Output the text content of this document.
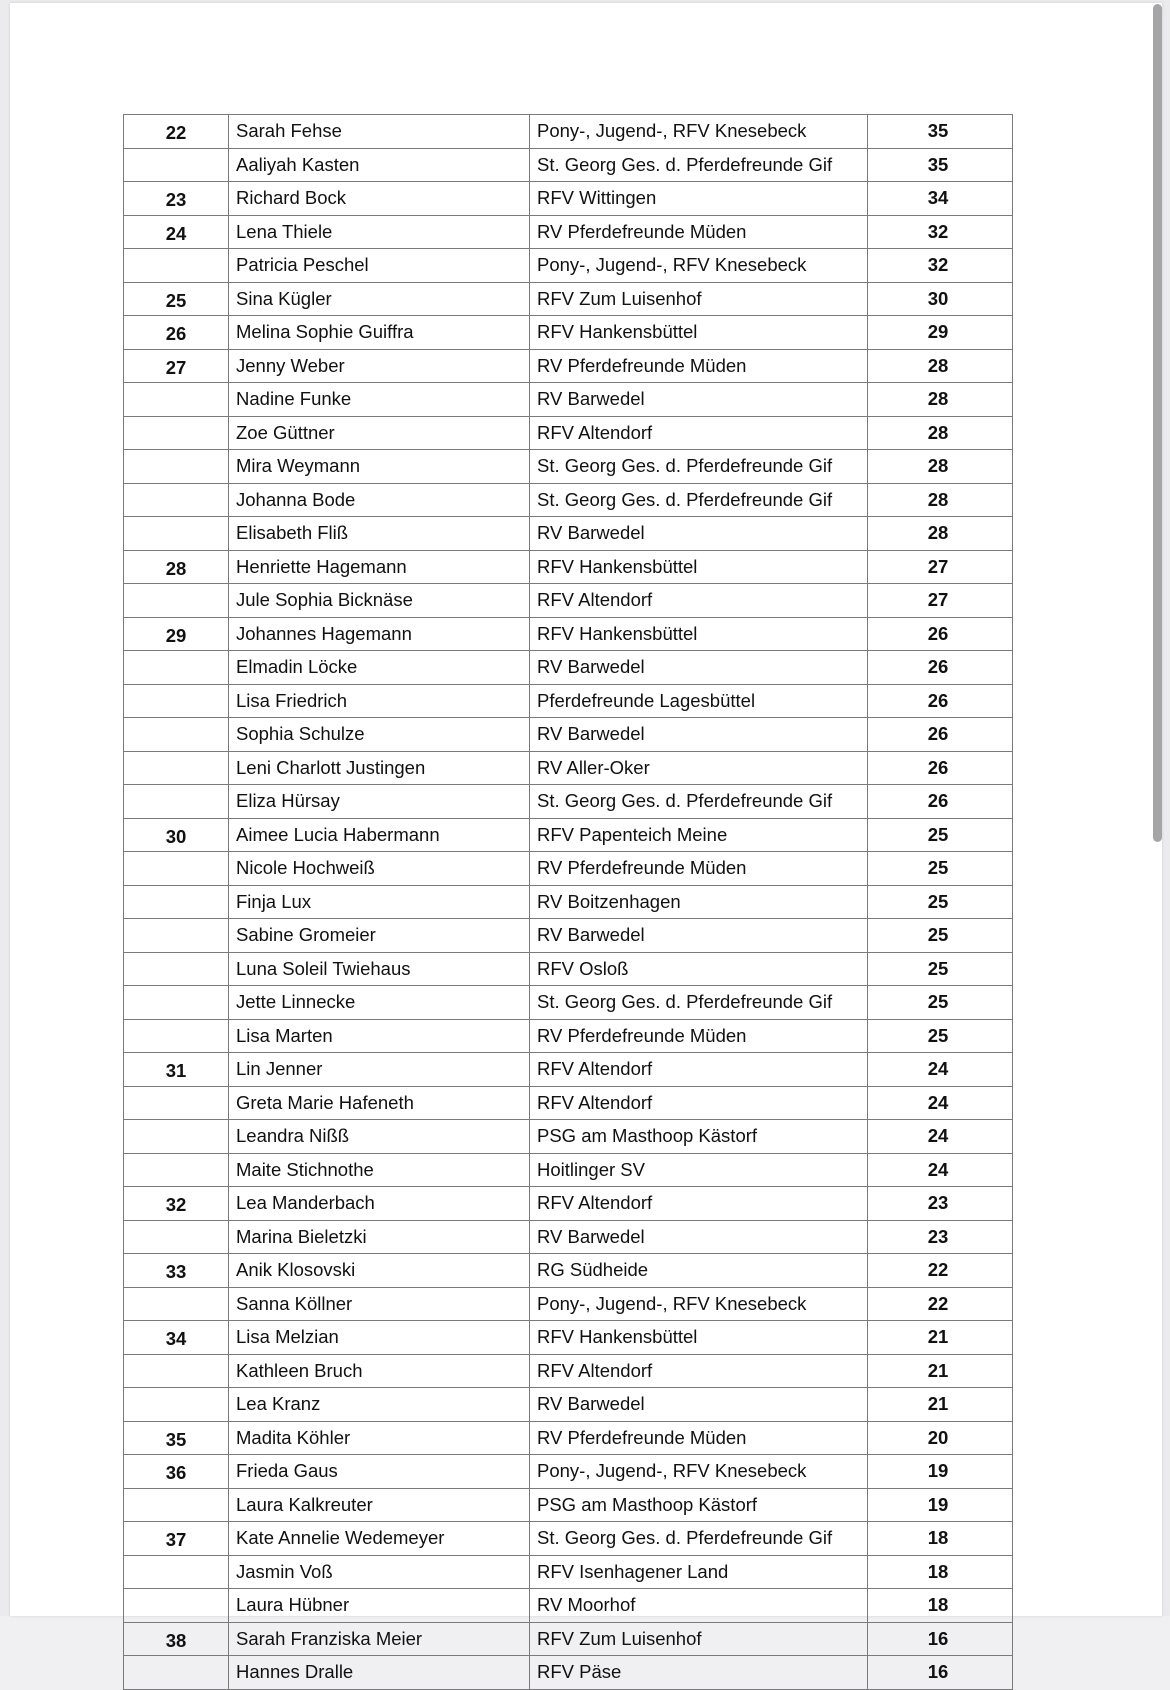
22	Sarah Fehse	Pony-, Jugend-, RFV Knesebeck	35
	Aaliyah Kasten	St. Georg Ges. d. Pferdefreunde Gif	35
23	Richard Bock	RFV Wittingen	34
24	Lena Thiele	RV Pferdefreunde Müden	32
	Patricia Peschel	Pony-, Jugend-, RFV Knesebeck	32
25	Sina Kügler	RFV Zum Luisenhof	30
26	Melina Sophie Guiffra	RFV Hankensbüttel	29
27	Jenny Weber	RV Pferdefreunde Müden	28
	Nadine Funke	RV Barwedel	28
	Zoe Güttner	RFV Altendorf	28
	Mira Weymann	St. Georg Ges. d. Pferdefreunde Gif	28
	Johanna Bode	St. Georg Ges. d. Pferdefreunde Gif	28
	Elisabeth Fliß	RV Barwedel	28
28	Henriette Hagemann	RFV Hankensbüttel	27
	Jule Sophia Bicknäse	RFV Altendorf	27
29	Johannes Hagemann	RFV Hankensbüttel	26
	Elmadin Löcke	RV Barwedel	26
	Lisa Friedrich	Pferdefreunde Lagesbüttel	26
	Sophia Schulze	RV Barwedel	26
	Leni Charlott Justingen	RV Aller-Oker	26
	Eliza Hürsay	St. Georg Ges. d. Pferdefreunde Gif	26
30	Aimee Lucia Habermann	RFV Papenteich Meine	25
	Nicole Hochweiß	RV Pferdefreunde Müden	25
	Finja Lux	RV Boitzenhagen	25
	Sabine Gromeier	RV Barwedel	25
	Luna Soleil Twiehaus	RFV Osloß	25
	Jette Linnecke	St. Georg Ges. d. Pferdefreunde Gif	25
	Lisa Marten	RV Pferdefreunde Müden	25
31	Lin Jenner	RFV Altendorf	24
	Greta Marie Hafeneth	RFV Altendorf	24
	Leandra Nißß	PSG am Masthoop Kästorf	24
	Maite Stichnothe	Hoitlinger SV	24
32	Lea Manderbach	RFV Altendorf	23
	Marina Bieletzki	RV Barwedel	23
33	Anik Klosovski	RG Südheide	22
	Sanna Köllner	Pony-, Jugend-, RFV Knesebeck	22
34	Lisa Melzian	RFV Hankensbüttel	21
	Kathleen Bruch	RFV Altendorf	21
	Lea Kranz	RV Barwedel	21
35	Madita Köhler	RV Pferdefreunde Müden	20
36	Frieda Gaus	Pony-, Jugend-, RFV Knesebeck	19
	Laura Kalkreuter	PSG am Masthoop Kästorf	19
37	Kate Annelie Wedemeyer	St. Georg Ges. d. Pferdefreunde Gif	18
	Jasmin Voß	RFV Isenhagener Land	18
	Laura Hübner	RV Moorhof	18
38	Sarah Franziska Meier	RFV Zum Luisenhof	16
	Hannes Dralle	RFV Päse	16
